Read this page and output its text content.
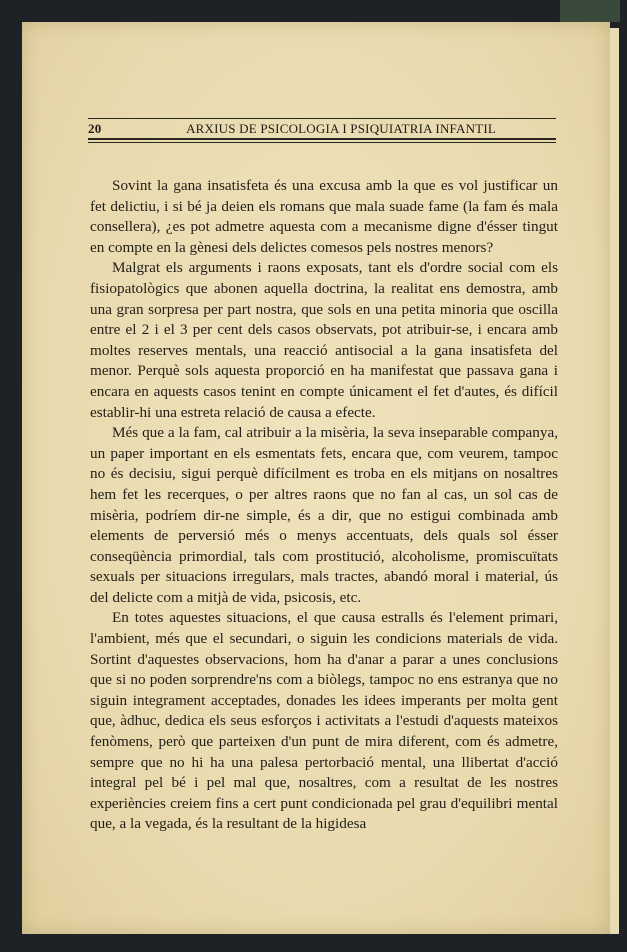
20	ARXIUS DE PSICOLOGIA I PSIQUIATRIA INFANTIL

Sovint la gana insatisfeta és una excusa amb la que es vol justificar un fet delictiu, i si bé ja deien els romans que mala suade fame (la fam és mala consellera), ¿es pot admetre aquesta com a mecanisme digne d'ésser tingut en compte en la gènesi dels delictes comesos pels nostres menors?

Malgrat els arguments i raons exposats, tant els d'ordre social com els fisiopatològics que abonen aquella doctrina, la realitat ens demostra, amb una gran sorpresa per part nostra, que sols en una petita minoria que oscilla entre el 2 i el 3 per cent dels casos observats, pot atribuir-se, i encara amb moltes reserves mentals, una reacció antisocial a la gana insatisfeta del menor. Perquè sols aquesta proporció en ha manifestat que passava gana i encara en aquests casos tenint en compte únicament el fet d'autes, és difícil establir-hi una estreta relació de causa a efecte.

Més que a la fam, cal atribuir a la misèria, la seva inseparable companya, un paper important en els esmentats fets, encara que, com veurem, tampoc no és decisiu, sigui perquè difícilment es troba en els mitjans on nosaltres hem fet les recerques, o per altres raons que no fan al cas, un sol cas de misèria, podríem dir-ne simple, és a dir, que no estigui combinada amb elements de perversió més o menys accentuats, dels quals sol ésser conseqüència primordial, tals com prostitució, alcoholisme, promiscuïtats sexuals per situacions irregulars, mals tractes, abandó moral i material, ús del delicte com a mitjà de vida, psicosis, etc.

En totes aquestes situacions, el que causa estralls és l'element primari, l'ambient, més que el secundari, o siguin les condicions materials de vida. Sortint d'aquestes observacions, hom ha d'anar a parar a unes conclusions que si no poden sorprendre'ns com a biòlegs, tampoc no ens estranya que no siguin integrament acceptades, donades les idees imperants per molta gent que, àdhuc, dedica els seus esforços i activitats a l'estudi d'aquests mateixos fenòmens, però que parteixen d'un punt de mira diferent, com és admetre, sempre que no hi ha una palesa pertorbació mental, una llibertat d'acció integral pel bé i pel mal que, nosaltres, com a resultat de les nostres experiències creiem fins a cert punt condicionada pel grau d'equilibri mental que, a la vegada, és la resultant de la higidesa
